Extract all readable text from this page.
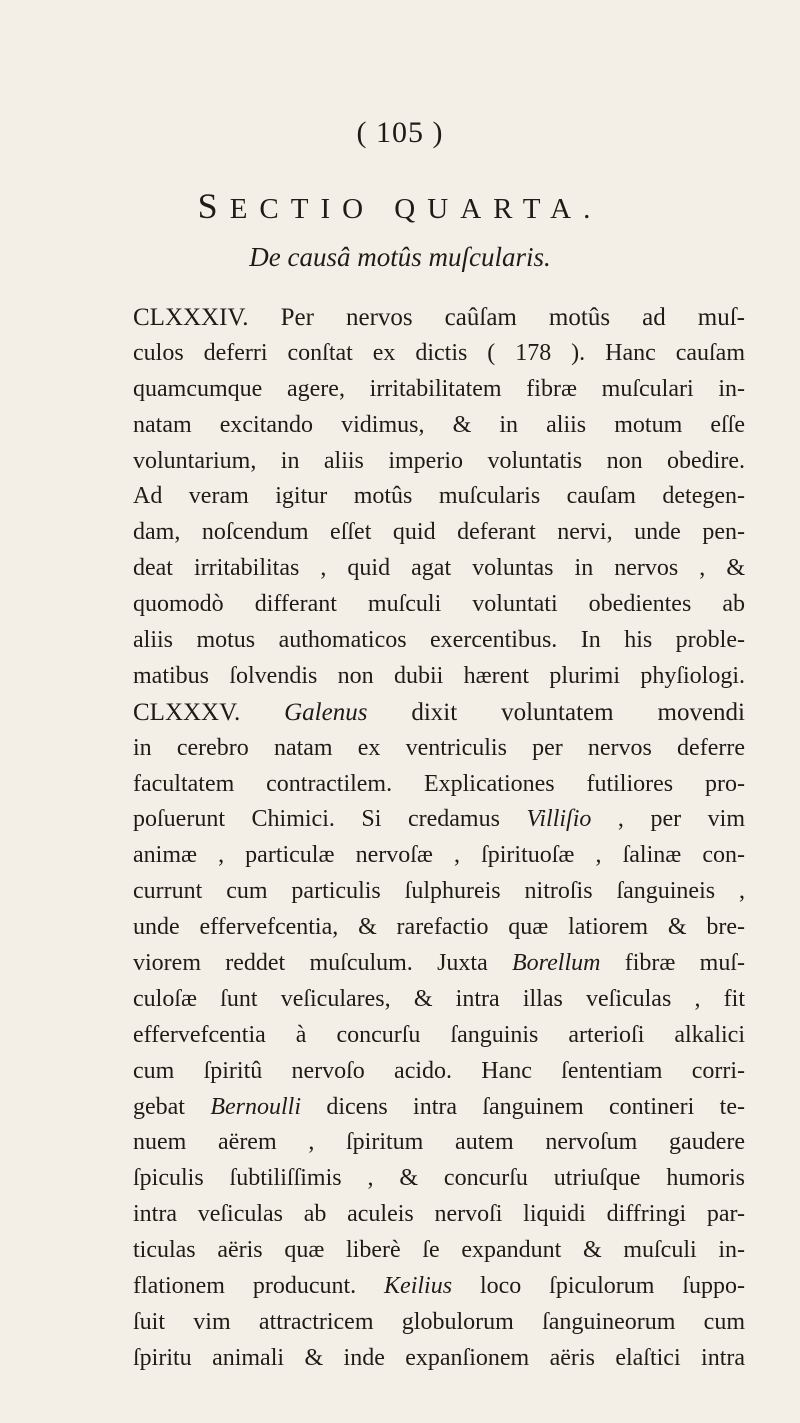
( 105 )
SECTIO QUARTA.
De causâ motûs muſcularis.
CLXXXIV. Per nervos caûſam motûs ad muſ-
culos deferri conſtat ex dictis ( 178 ). Hanc cauſam
quamcumque agere, irritabilitatem fibræ muſculari in-
natam excitando vidimus, & in aliis motum eſſe
voluntarium, in aliis imperio voluntatis non obedire.
Ad veram igitur motûs muſcularis cauſam detegen-
dam, noſcendum eſſet quid deferant nervi, unde pen-
deat irritabilitas , quid agat voluntas in nervos , &
quomodò differant muſculi voluntati obedientes ab
aliis motus authomaticos exercentibus. In his proble-
matibus ſolvendis non dubii hærent plurimi phyſiologi.
CLXXXV. Galenus dixit voluntatem movendi
in cerebro natam ex ventriculis per nervos deferre
facultatem contractilem. Explicationes futiliores pro-
poſuerunt Chimici. Si credamus Villiſio , per vim
animæ , particulæ nervoſæ , ſpirituoſæ , ſalinæ con-
currunt cum particulis ſulphureis nitroſis ſanguineis ,
unde effervefcentia, & rarefactio quæ latiorem & bre-
viorem reddet muſculum. Juxta Borellum fibræ muſ-
culoſæ ſunt veſiculares, & intra illas veſiculas , fit
effervefcentia à concurſu ſanguinis arterioſi alkalici
cum ſpiritû nervoſo acido. Hanc ſententiam corri-
gebat Bernoulli dicens intra ſanguinem contineri te-
nuem aërem , ſpiritum autem nervoſum gaudere
ſpiculis ſubtiliſſimis , & concurſu utriuſque humoris
intra veſiculas ab aculeis nervoſi liquidi diffringi par-
ticulas aëris quæ liberè ſe expandunt & muſculi in-
flationem producunt. Keilius loco ſpiculorum ſuppo-
ſuit vim attractricem globulorum ſanguineorum cum
ſpiritu animali & inde expanſionem aëris elaſtici intra
